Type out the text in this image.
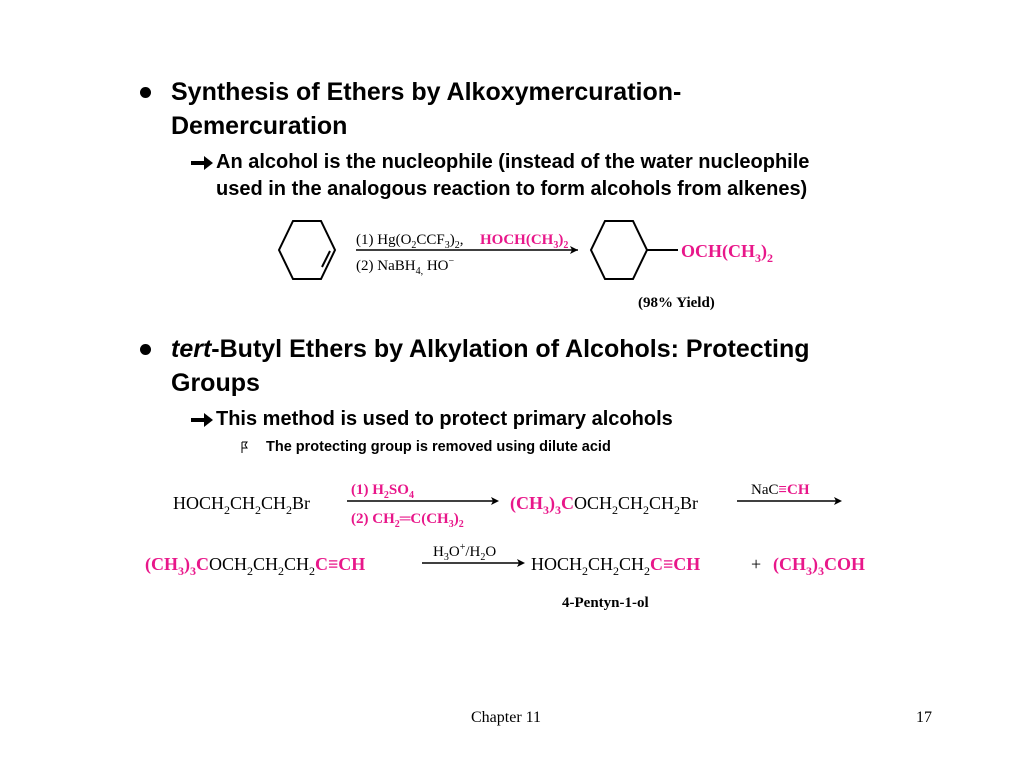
Synthesis of Ethers by Alkoxymercuration-
Demercuration
An alcohol is the nucleophile (instead of the water nucleophile
used in the analogous reaction to form alcohols from alkenes)
(1) $Hg(O_2CCF_3)_2$, $HOCH(CH_3)_2$
(2) NaBH$_{4,}$ HO−
$OCH(CH_3)_2$
(98% Yield)
tert-Butyl Ethers by Alkylation of Alcohols: Protecting
Groups
This method is used to protect primary alcohols
The protecting group is removed using dilute acid
$HOCH_2CH_2CH_2Br$
(1) $H_2SO_4$
(2) $CH_2═C(CH_3)_2$
$(CH_3)_3COCH_2CH_2CH_2Br$
NaC≡CH
$(CH_3)_3COCH_2CH_2CH_2C\equiv CH$
$H_3O^+/H_2O$
$HOCH_2CH_2CH_2C\equiv CH$	+ $(CH_3)_3COH$
4-Pentyn-1-ol
Chapter 11	17
